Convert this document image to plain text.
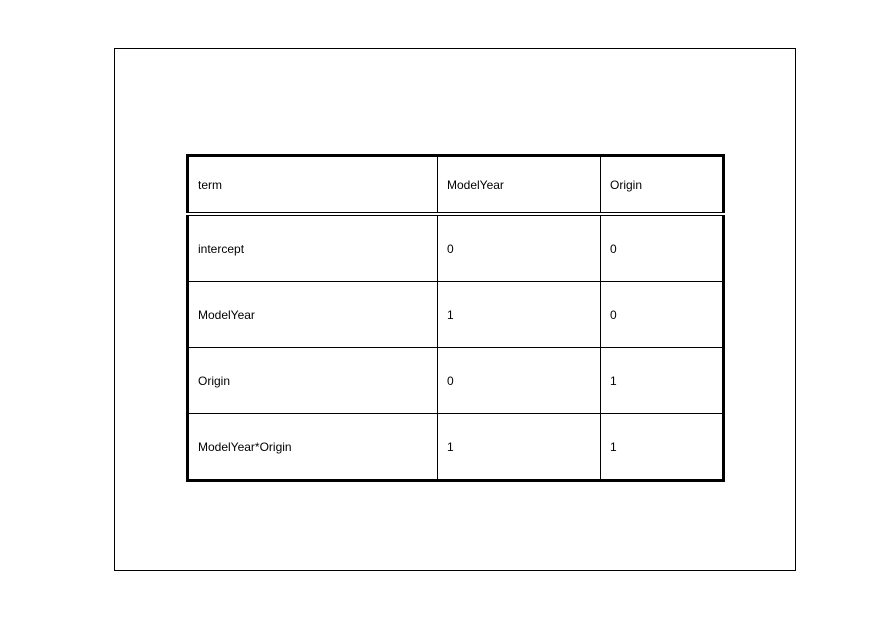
term	ModelYear	Origin
intercept	0	0
ModelYear	1	0
Origin	0	1
ModelYear*Origin	1	1
